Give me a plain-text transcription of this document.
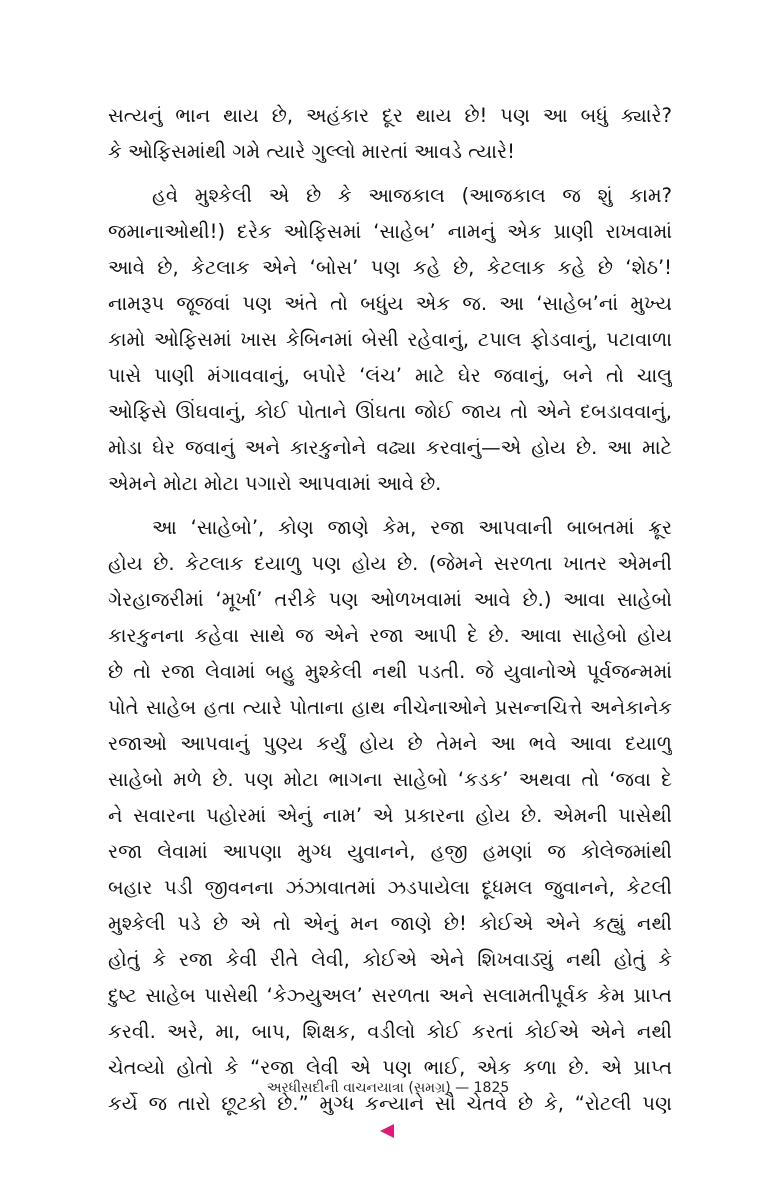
સત્યનું ભાન થાય છે, અહંકાર દૂર થાય છે! પણ આ બધું ક્યારે?
કે ઓફિસમાંથી ગમે ત્યારે ગુલ્લો મારતાં આવડે ત્યારે!
હવે મુશ્કેલી એ છે કે આજકાલ (આજકાલ જ શું કામ?
જમાનાઓથી!) દરેક ઓફિસમાં ‘સાહેબ’ નામનું એક પ્રાણી રાખવામાં
આવે છે, કેટલાક એને ‘બોસ’ પણ કહે છે, કેટલાક કહે છે ‘શેઠ’!
નામરૂપ જૂજવાં પણ અંતે તો બધુંય એક જ. આ ‘સાહેબ’નાં મુખ્ય
કામો ઓફિસમાં ખાસ કેબિનમાં બેસી રહેવાનું, ટપાલ ફોડવાનું, પટાવાળા
પાસે પાણી મંગાવવાનું, બપોરે ‘લંચ’ માટે ઘેર જવાનું, બને તો ચાલુ
ઓફિસે ઊંઘવાનું, કોઈ પોતાને ઊંઘતા જોઈ જાય તો એને દબડાવવાનું,
મોડા ઘેર જવાનું અને કારકુનોને વઢ્યા કરવાનું—એ હોય છે. આ માટે
એમને મોટા મોટા પગારો આપવામાં આવે છે.
આ ‘સાહેબો’, કોણ જાણે કેમ, રજા આપવાની બાબતમાં ક્રૂર
હોય છે. કેટલાક દયાળુ પણ હોય છે. (જેમને સરળતા ખાતર એમની
ગેરહાજરીમાં ‘મૂર્ખા’ તરીકે પણ ઓળખવામાં આવે છે.) આવા સાહેબો
કારકુનના કહેવા સાથે જ એને રજા આપી દે છે. આવા સાહેબો હોય
છે તો રજા લેવામાં બહુ મુશ્કેલી નથી પડતી. જે યુવાનોએ પૂર્વજન્મમાં
પોતે સાહેબ હતા ત્યારે પોતાના હાથ નીચેનાઓને પ્રસન્નચિત્તે અનેકાનેક
રજાઓ આપવાનું પુણ્ય કર્યું હોય છે તેમને આ ભવે આવા દયાળુ
સાહેબો મળે છે. પણ મોટા ભાગના સાહેબો ‘કડક’ અથવા તો ‘જવા દે
ને સવારના પહોરમાં એનું નામ’ એ પ્રકારના હોય છે. એમની પાસેથી
રજા લેવામાં આપણા મુગ્ધ યુવાનને, હજી હમણાં જ કોલેજમાંથી
બહાર પડી જીવનના ઝંઝાવાતમાં ઝડપાયેલા દૂધમલ જુવાનને, કેટલી
મુશ્કેલી પડે છે એ તો એનું મન જાણે છે! કોઈએ એને કહ્યું નથી
હોતું કે રજા કેવી રીતે લેવી, કોઈએ એને શિખવાડ્યું નથી હોતું કે
દુષ્ટ સાહેબ પાસેથી ‘કેઝ્યુઅલ’ સરળતા અને સલામતીપૂર્વક કેમ પ્રાપ્ત
કરવી. અરે, મા, બાપ, શિક્ષક, વડીલો કોઈ કરતાં કોઈએ એને નથી
ચેતવ્યો હોતો કે “રજા લેવી એ પણ ભાઈ, એક કળા છે. એ પ્રાપ્ત
કર્યે જ તારો છૂટકો છે.” મુગ્ધ કન્યાને સૌ ચેતવે છે કે, “રોટલી પણ
અરધીસદીની વાચનયાત્રા (સમગ્ર) — 1825
